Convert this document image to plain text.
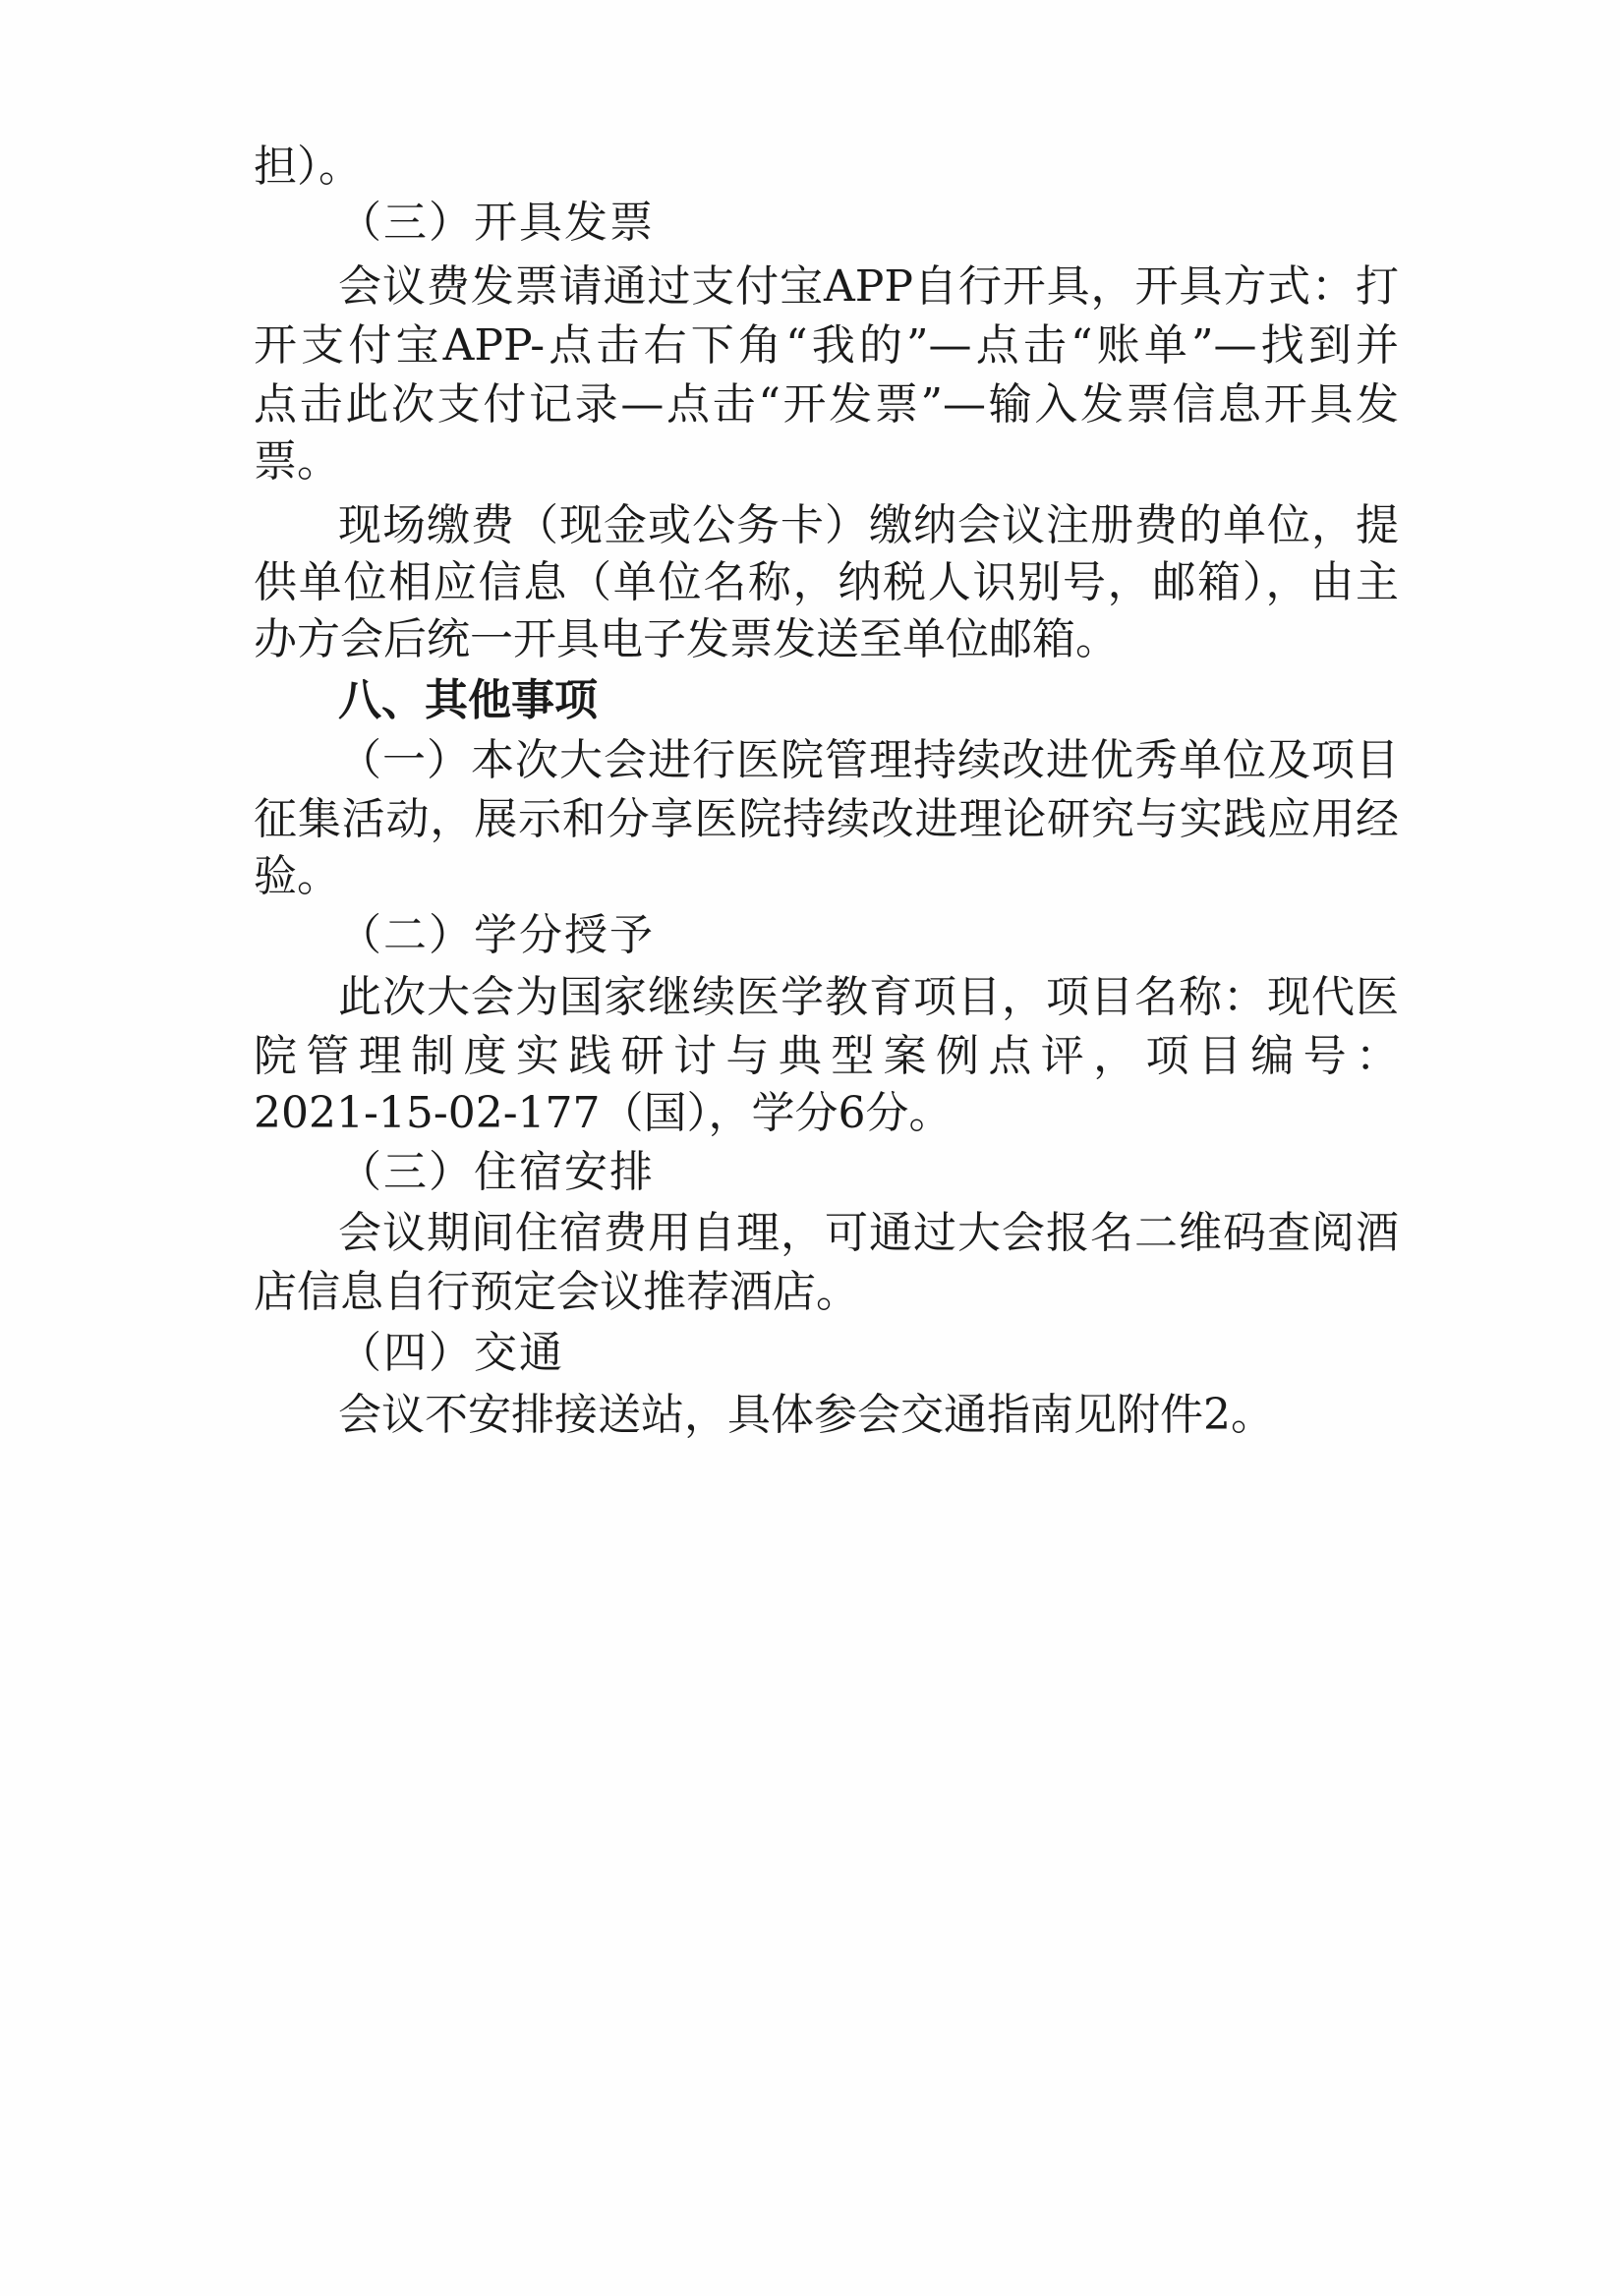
担）。

（三）开具发票

会议费发票请通过支付宝APP自行开具，开具方式：打

开支付宝APP-点击右下角“我的”—点击“账单”—找到并

点击此次支付记录—点击“开发票”—输入发票信息开具发

票。

现场缴费（现金或公务卡）缴纳会议注册费的单位，提

供单位相应信息（单位名称，纳税人识别号，邮箱），由主

办方会后统一开具电子发票发送至单位邮箱。

八、其他事项

（一）本次大会进行医院管理持续改进优秀单位及项目

征集活动，展示和分享医院持续改进理论研究与实践应用经

验。

（二）学分授予

此次大会为国家继续医学教育项目，项目名称：现代医

院管理制度实践研讨与典型案例点评，项目编号：

2021-15-02-177（国），学分6分。

（三）住宿安排

会议期间住宿费用自理，可通过大会报名二维码查阅酒

店信息自行预定会议推荐酒店。

（四）交通

会议不安排接送站，具体参会交通指南见附件2。
